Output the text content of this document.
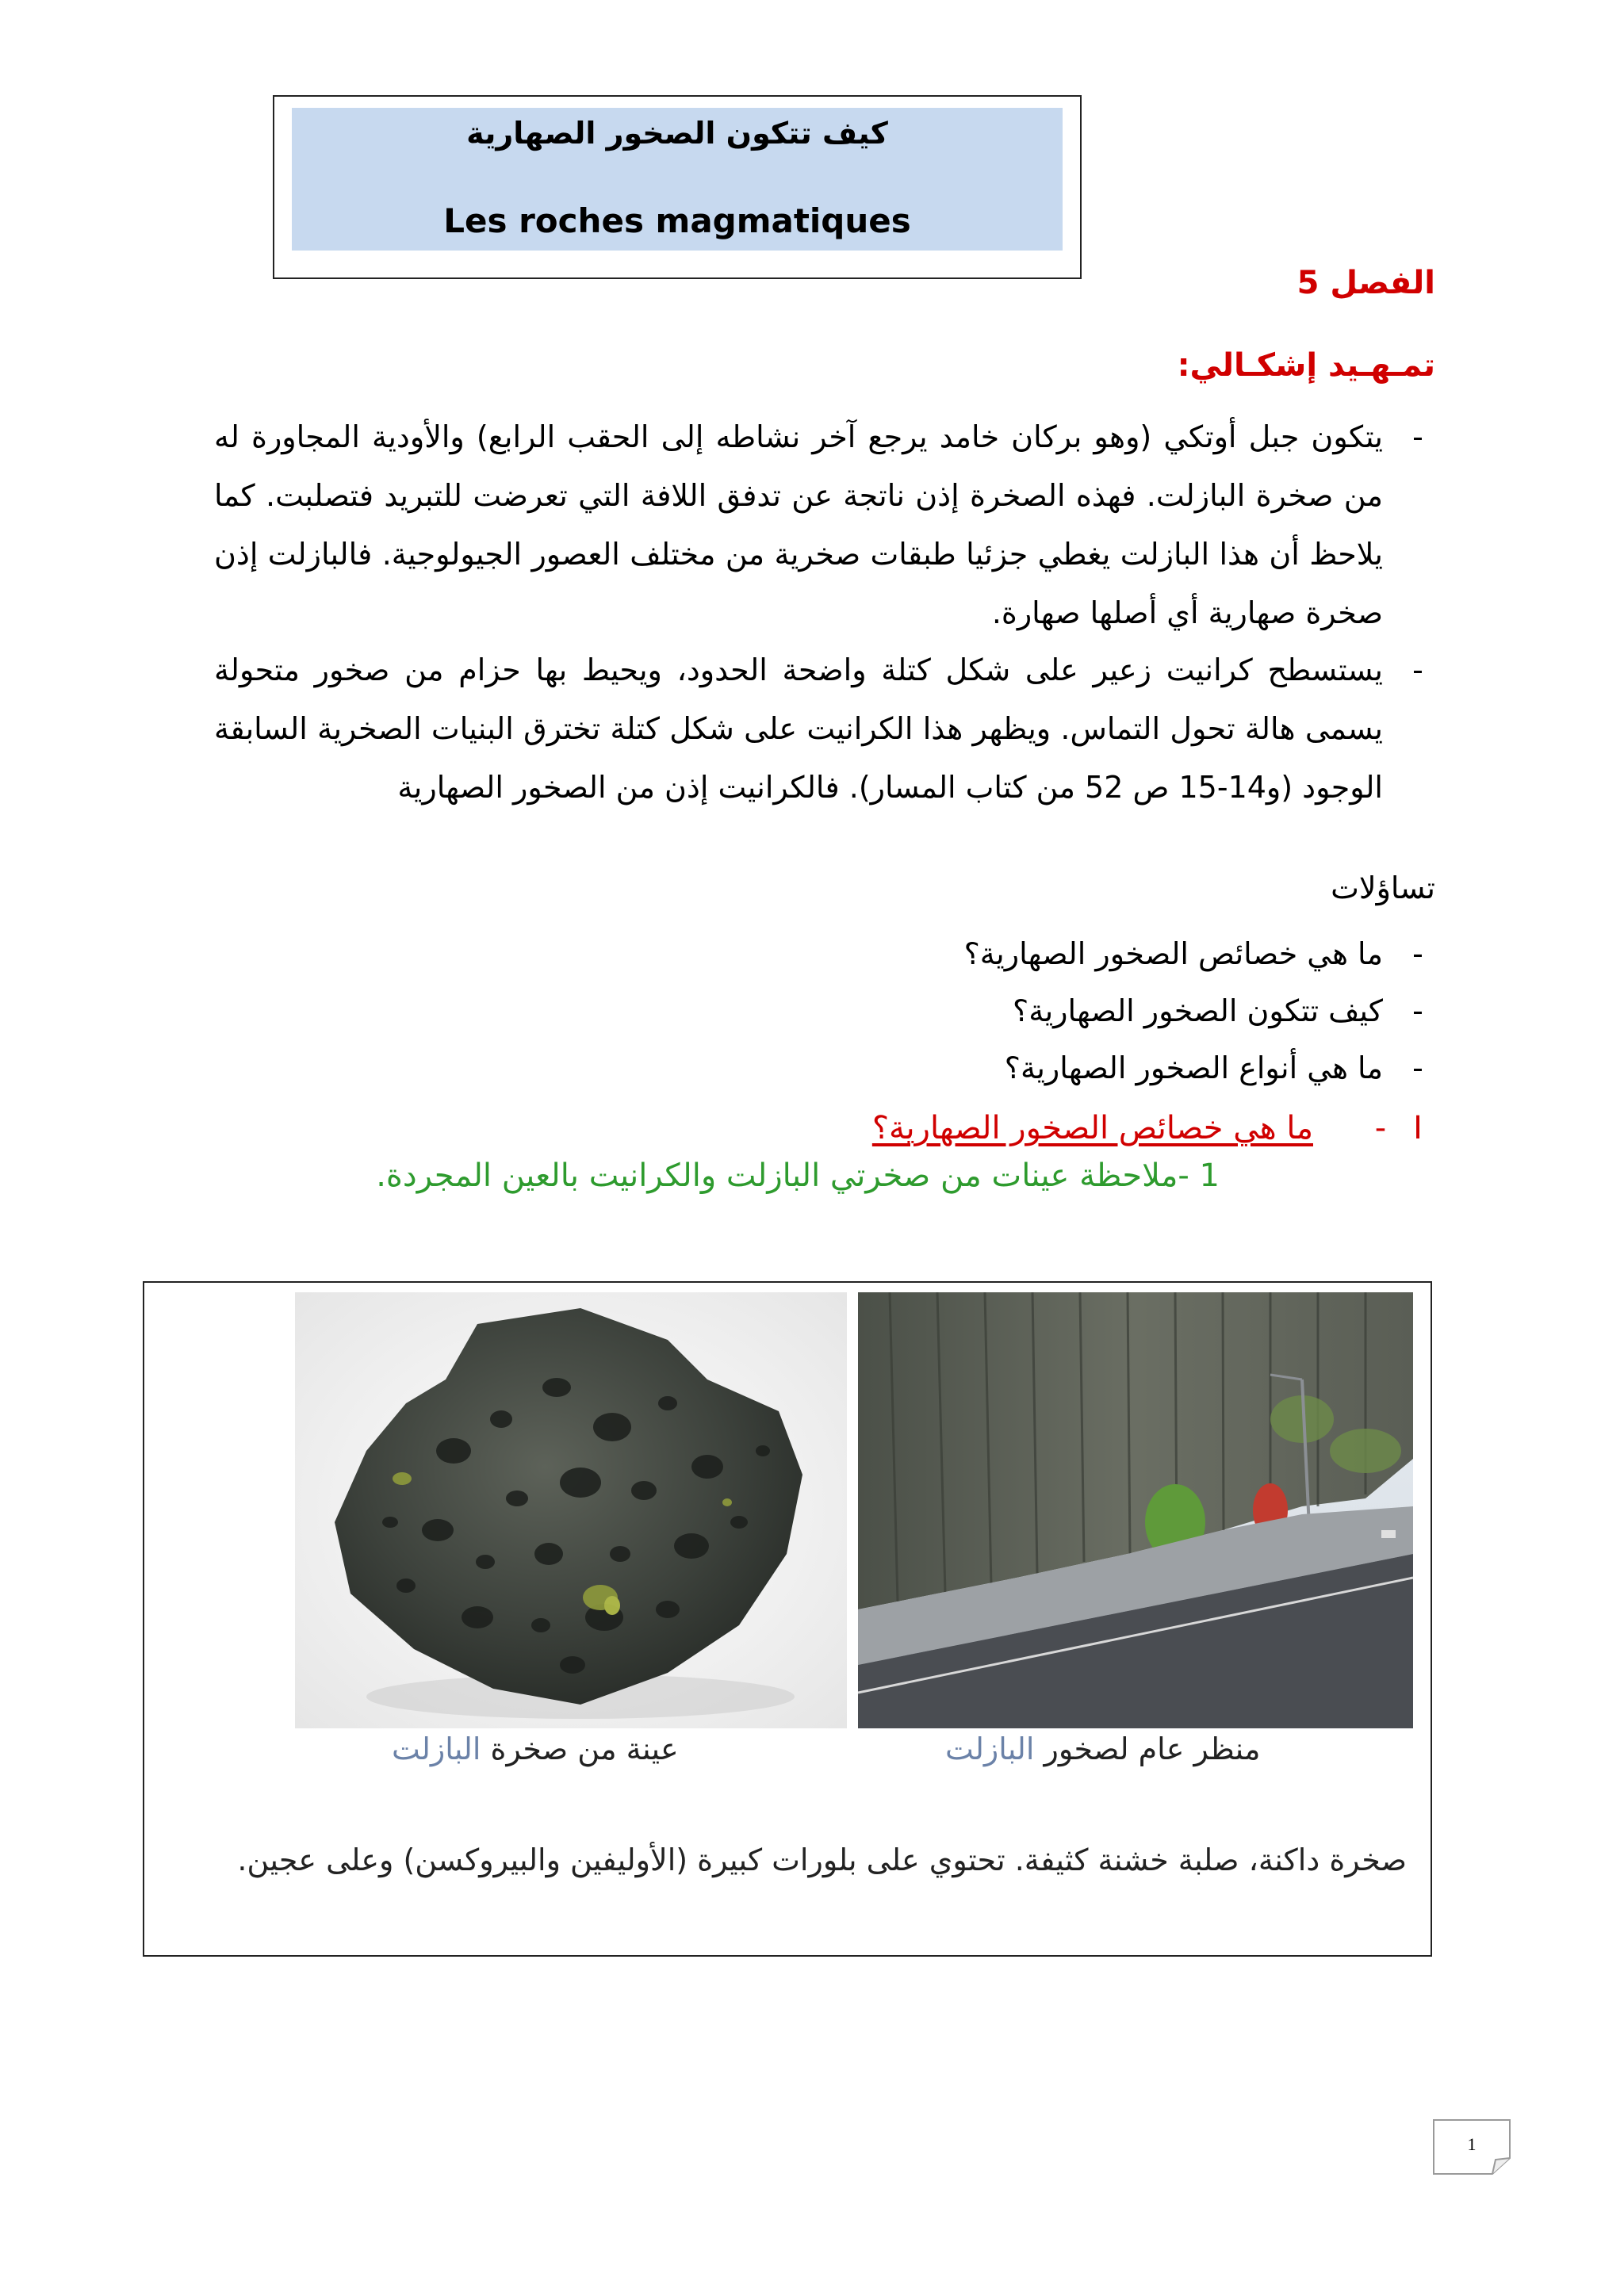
كيف تتكون الصخور الصهارية
Les roches magmatiques
الفصل 5
تمـهـيد إشكـالي:
-
يتكون جبل أوتكي (وهو بركان خامد يرجع آخر نشاطه إلى الحقب الرابع) والأودية المجاورة له من صخرة البازلت. فهذه الصخرة إذن ناتجة عن تدفق اللافة التي تعرضت للتبريد فتصلبت. كما يلاحظ أن هذا البازلت يغطي جزئيا طبقات صخرية من مختلف العصور الجيولوجية. فالبازلت إذن صخرة صهارية أي أصلها صهارة.
-
يستسطح كرانيت زعير على شكل كتلة واضحة الحدود، ويحيط بها حزام من صخور متحولة يسمى هالة تحول التماس. ويظهر هذا الكرانيت على شكل كتلة تخترق البنيات الصخرية السابقة الوجود (و14-15 ص 52 من كتاب المسار). فالكرانيت إذن من الصخور الصهارية
تساؤلات
-
ما هي خصائص الصخور الصهارية؟
-
كيف تتكون الصخور الصهارية؟
-
ما هي أنواع الصخور الصهارية؟
I
-
ما هي خصائص الصخور الصهارية؟
1 -ملاحظة عينات من صخرتي البازلت والكرانيت بالعين المجردة.
عينة من صخرة البازلت	منظر عام لصخور البازلت
صخرة داكنة، صلبة خشنة كثيفة. تحتوي على بلورات كبيرة (الأوليفين والبيروكسن) وعلى عجين.
1
